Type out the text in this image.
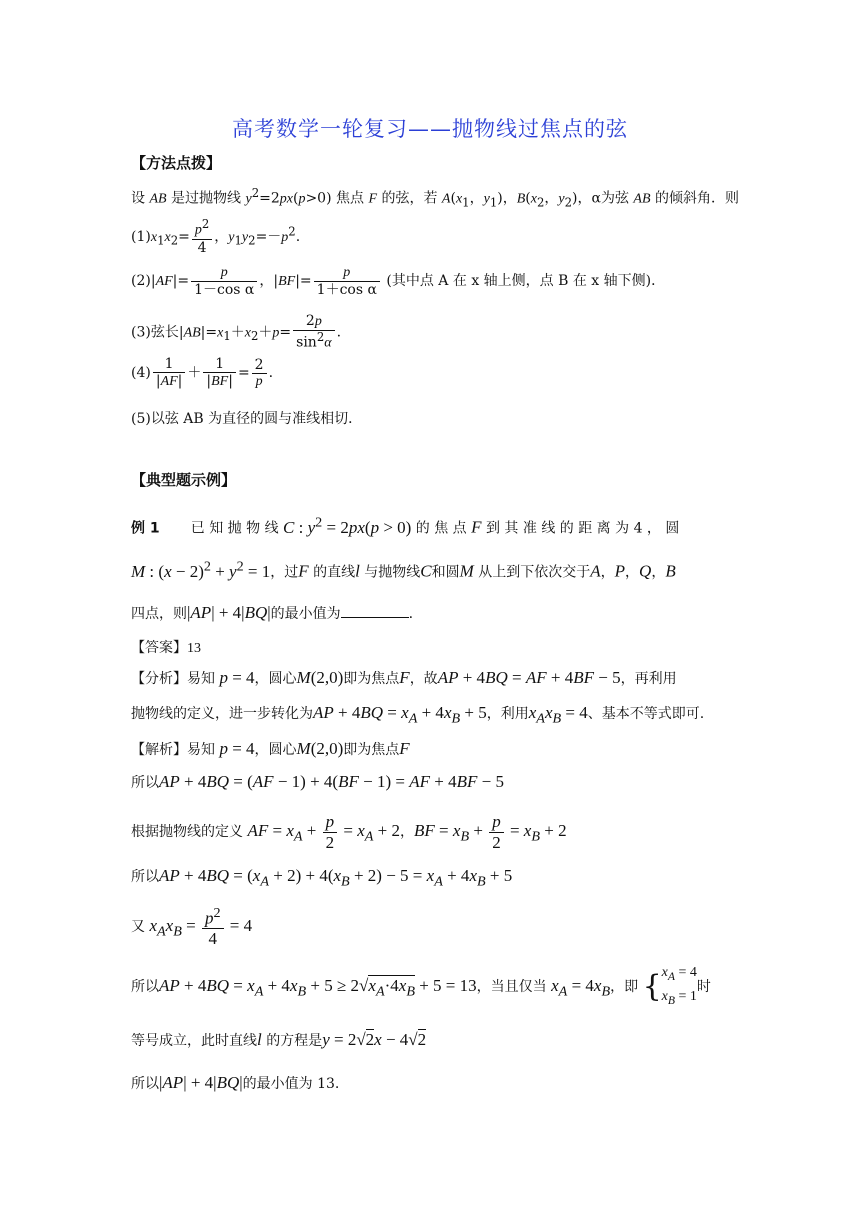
高考数学一轮复习——抛物线过焦点的弦
【方法点拨】
设 AB 是过抛物线 $y^2=2px(p>0)$ 焦点 F 的弦，若 $A(x_1$，$y_1$)，$B(x_2$，$y_2$)，α为弦 AB 的倾斜角．则
$(1)x_1x_2= \frac{p^2}{4}$ ，$y_1y_2=-p^2$.
$(2)|AF|= \frac{p}{\text{1－cos α}}$ ，$|BF|= \frac{p}{\text{1＋cos α}}$ (其中点 A 在 x 轴上侧，点 B 在 x 轴下侧)．
(3)弦长$|AB|=x_1+x_2+p= \frac{2p}{\sin^2\alpha}$ .
$(4) \frac{1}{|AF|} + \frac{1}{|BF|} = \frac{2}{p}$ .
(5)以弦 AB 为直径的圆与准线相切．
【典型题示例】
例 1 已 知 抛 物 线 C : $y^2 = 2px(p > 0)$ 的 焦 点 F 到 其 准 线 的 距 离 为 4 ， 圆
M : $(x - 2)^2 + y^2 = 1$，过F 的直线l 与抛物线C和圆M 从上到下依次交于A，P，Q，B
四点，则|AP| + 4|BQ|的最小值为	.
【答案】13
【分析】易知 p = 4，圆心M(2,0)即为焦点F，故AP + 4BQ = AF + 4BF − 5，再利用
抛物线的定义，进一步转化为AP + $4BQ = x_A + 4x_B + 5$，利用$x_Ax_B = 4$、基本不等式即可.
【解析】易知 p = 4，圆心M(2,0)即为焦点F
所以AP + 4BQ = (AF − 1) + 4(BF − 1) = AF + 4BF − 5
根据抛物线的定义 AF = $x_A + \frac{p}{2} = x_A + 2$，BF = $x_B + \frac{p}{2} = x_B + 2$
所以AP + $4BQ = (x_A + 2) + 4(x_B + 2) - 5 = x_A + 4x_B + 5$
又 $x_Ax_B = \frac{p^2}{4} = 4$
所以AP + $4BQ = x_A + 4x_B + 5 \ge 2√x_A\cdot 4x_B + 5 = 13$，当且仅当 $x_A = 4x_B$，即 {$x_A = 4$
$x_B = 1$时
等号成立，此时直线l 的方程是y = 2√2x − 4√2
所以|AP| + 4|BQ|的最小值为 13.
